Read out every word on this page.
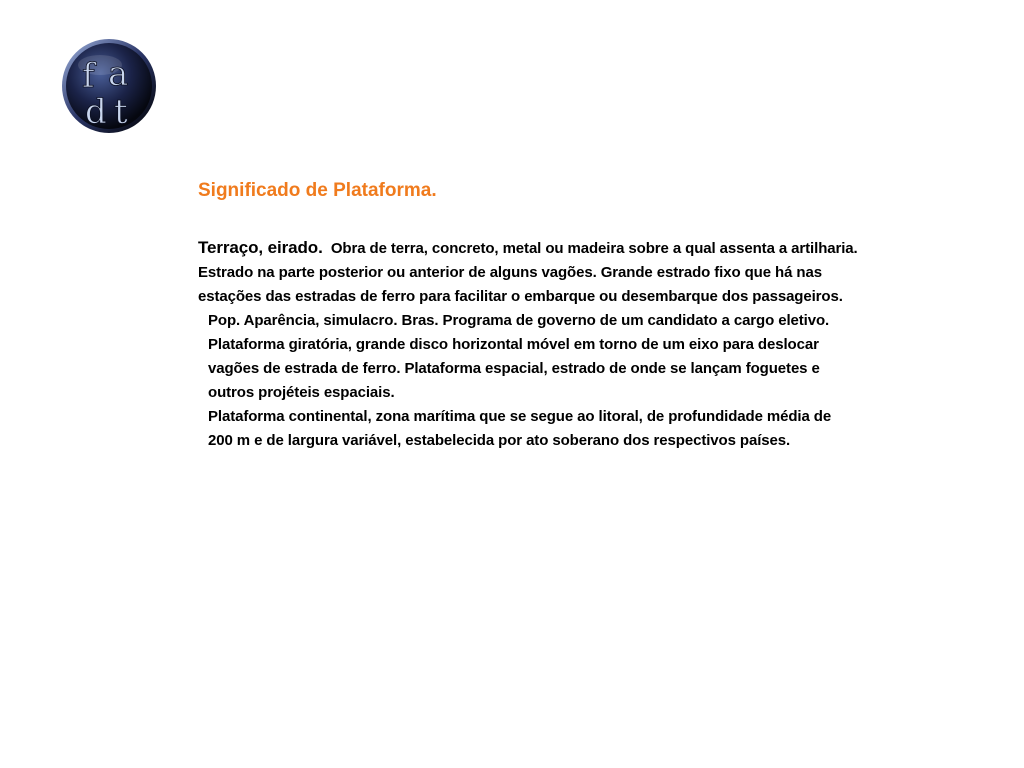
f a
d t
Significado de Plataforma.

Terraço, eirado. Obra de terra, concreto, metal ou madeira sobre a qual assenta a artilharia. Estrado na parte posterior ou anterior de alguns vagões. Grande estrado fixo que há nas estações das estradas de ferro para facilitar o embarque ou desembarque dos passageiros.
Pop. Aparência, simulacro. Bras. Programa de governo de um candidato a cargo eletivo. Plataforma giratória, grande disco horizontal móvel em torno de um eixo para deslocar vagões de estrada de ferro. Plataforma espacial, estrado de onde se lançam foguetes e outros projéteis espaciais.
Plataforma continental, zona marítima que se segue ao litoral, de profundidade média de 200 m e de largura variável, estabelecida por ato soberano dos respectivos países.
